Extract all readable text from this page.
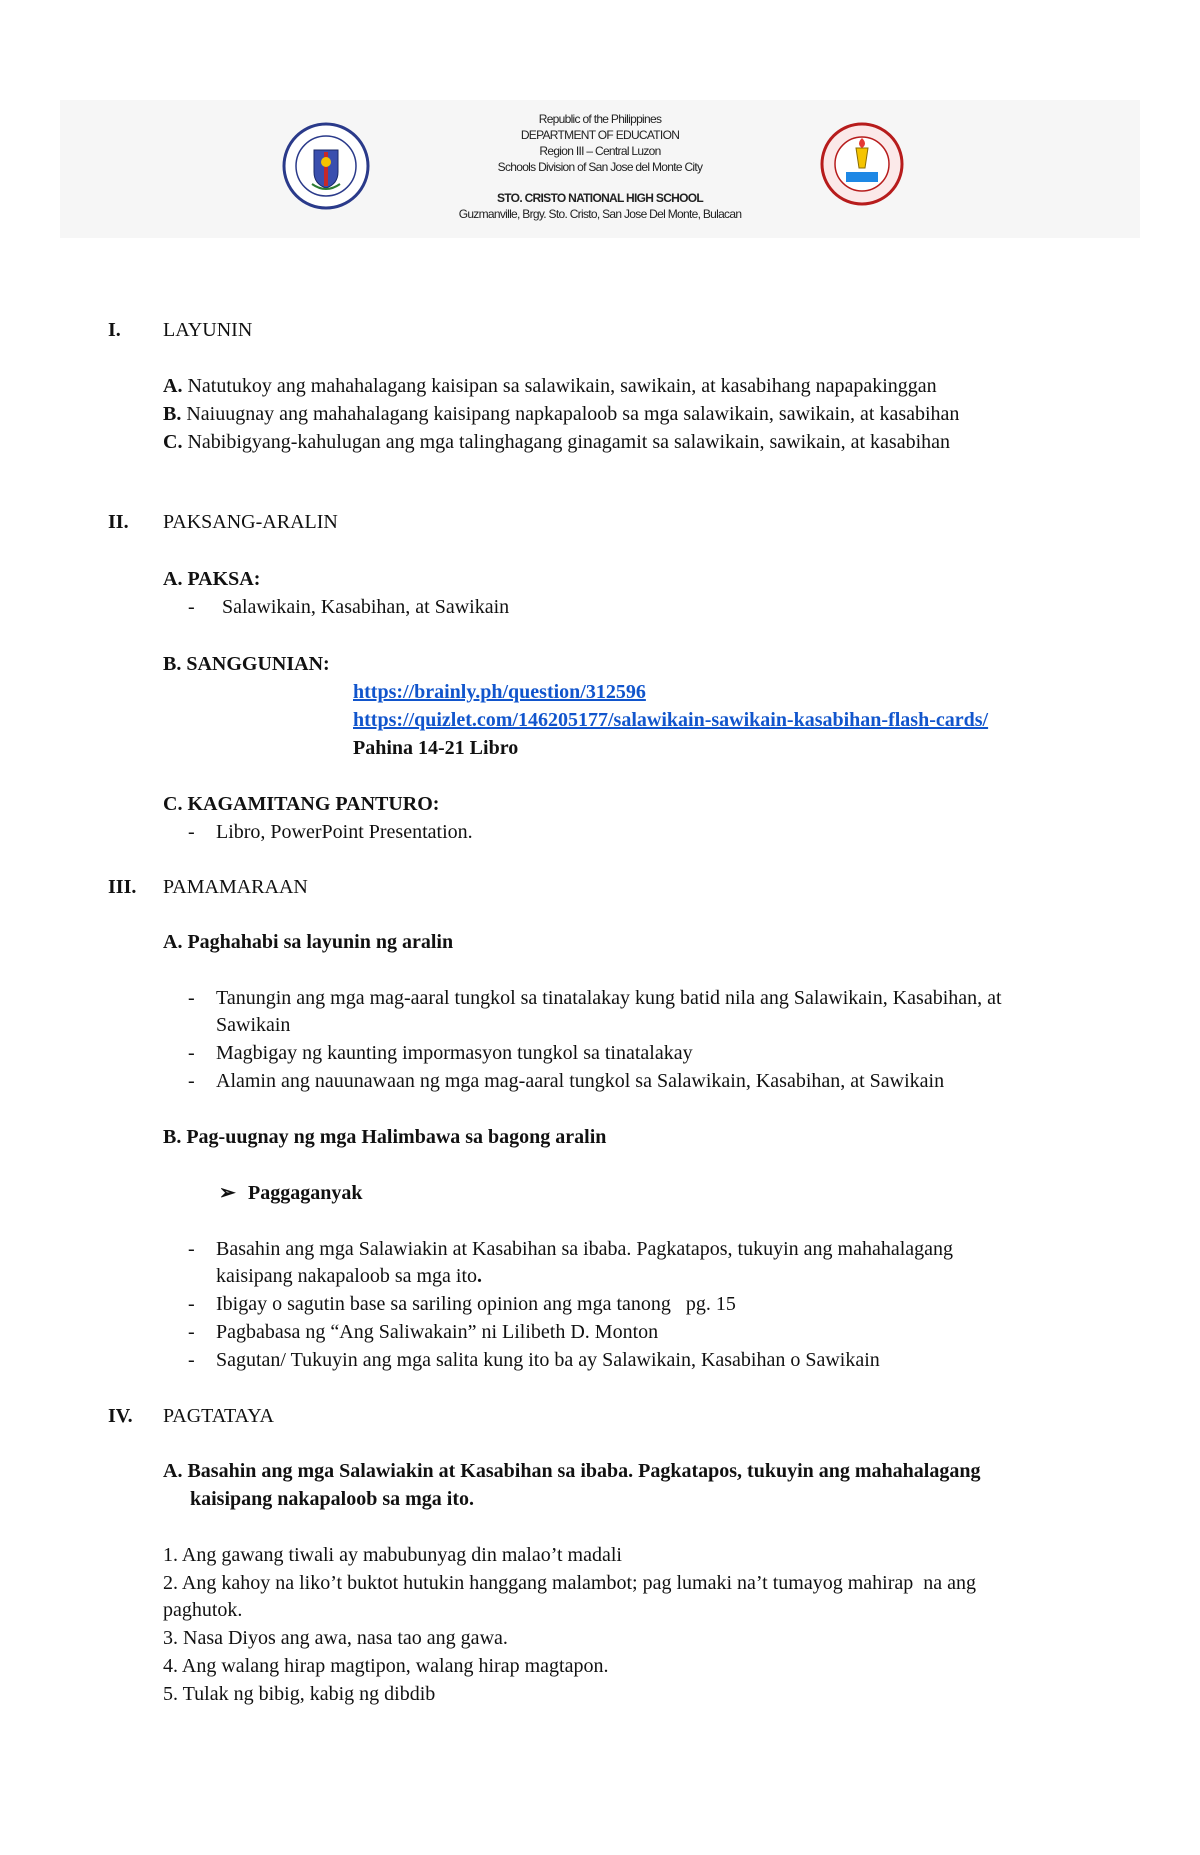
Republic of the Philippines
DEPARTMENT OF EDUCATION
Region III – Central Luzon
Schools Division of San Jose del Monte City
STO. CRISTO NATIONAL HIGH SCHOOL
Guzmanville, Brgy. Sto. Cristo, San Jose Del Monte, Bulacan
I. LAYUNIN
A. Natutukoy ang mahahalagang kaisipan sa salawikain, sawikain, at kasabihang napapakinggan
B. Naiuugnay ang mahahalagang kaisipang napkapaloob sa mga salawikain, sawikain, at kasabihan
C. Nabibigyang-kahulugan ang mga talinghagang ginagamit sa salawikain, sawikain, at kasabihan
II. PAKSANG-ARALIN
A. PAKSA:
- Salawikain, Kasabihan, at Sawikain
B. SANGGUNIAN:
https://brainly.ph/question/312596
https://quizlet.com/146205177/salawikain-sawikain-kasabihan-flash-cards/
Pahina 14-21 Libro
C. KAGAMITANG PANTURO:
- Libro, PowerPoint Presentation.
III. PAMAMARAAN
A. Paghahabi sa layunin ng aralin
- Tanungin ang mga mag-aaral tungkol sa tinatalakay kung batid nila ang Salawikain, Kasabihan, at
Sawikain
- Magbigay ng kaunting impormasyon tungkol sa tinatalakay
- Alamin ang nauunawaan ng mga mag-aaral tungkol sa Salawikain, Kasabihan, at Sawikain
B. Pag-uugnay ng mga Halimbawa sa bagong aralin
➢ Paggaganyak
- Basahin ang mga Salawiakin at Kasabihan sa ibaba. Pagkatapos, tukuyin ang mahahalagang
kaisipang nakapaloob sa mga ito.
- Ibigay o sagutin base sa sariling opinion ang mga tanong   pg. 15
- Pagbabasa ng “Ang Saliwakain” ni Lilibeth D. Monton
- Sagutan/ Tukuyin ang mga salita kung ito ba ay Salawikain, Kasabihan o Sawikain
IV. PAGTATAYA
A. Basahin ang mga Salawiakin at Kasabihan sa ibaba. Pagkatapos, tukuyin ang mahahalagang
kaisipang nakapaloob sa mga ito.
1. Ang gawang tiwali ay mabubunyag din malao’t madali
2. Ang kahoy na liko’t buktot hutukin hanggang malambot; pag lumaki na’t tumayog mahirap  na ang
paghutok.
3. Nasa Diyos ang awa, nasa tao ang gawa.
4. Ang walang hirap magtipon, walang hirap magtapon.
5. Tulak ng bibig, kabig ng dibdib
